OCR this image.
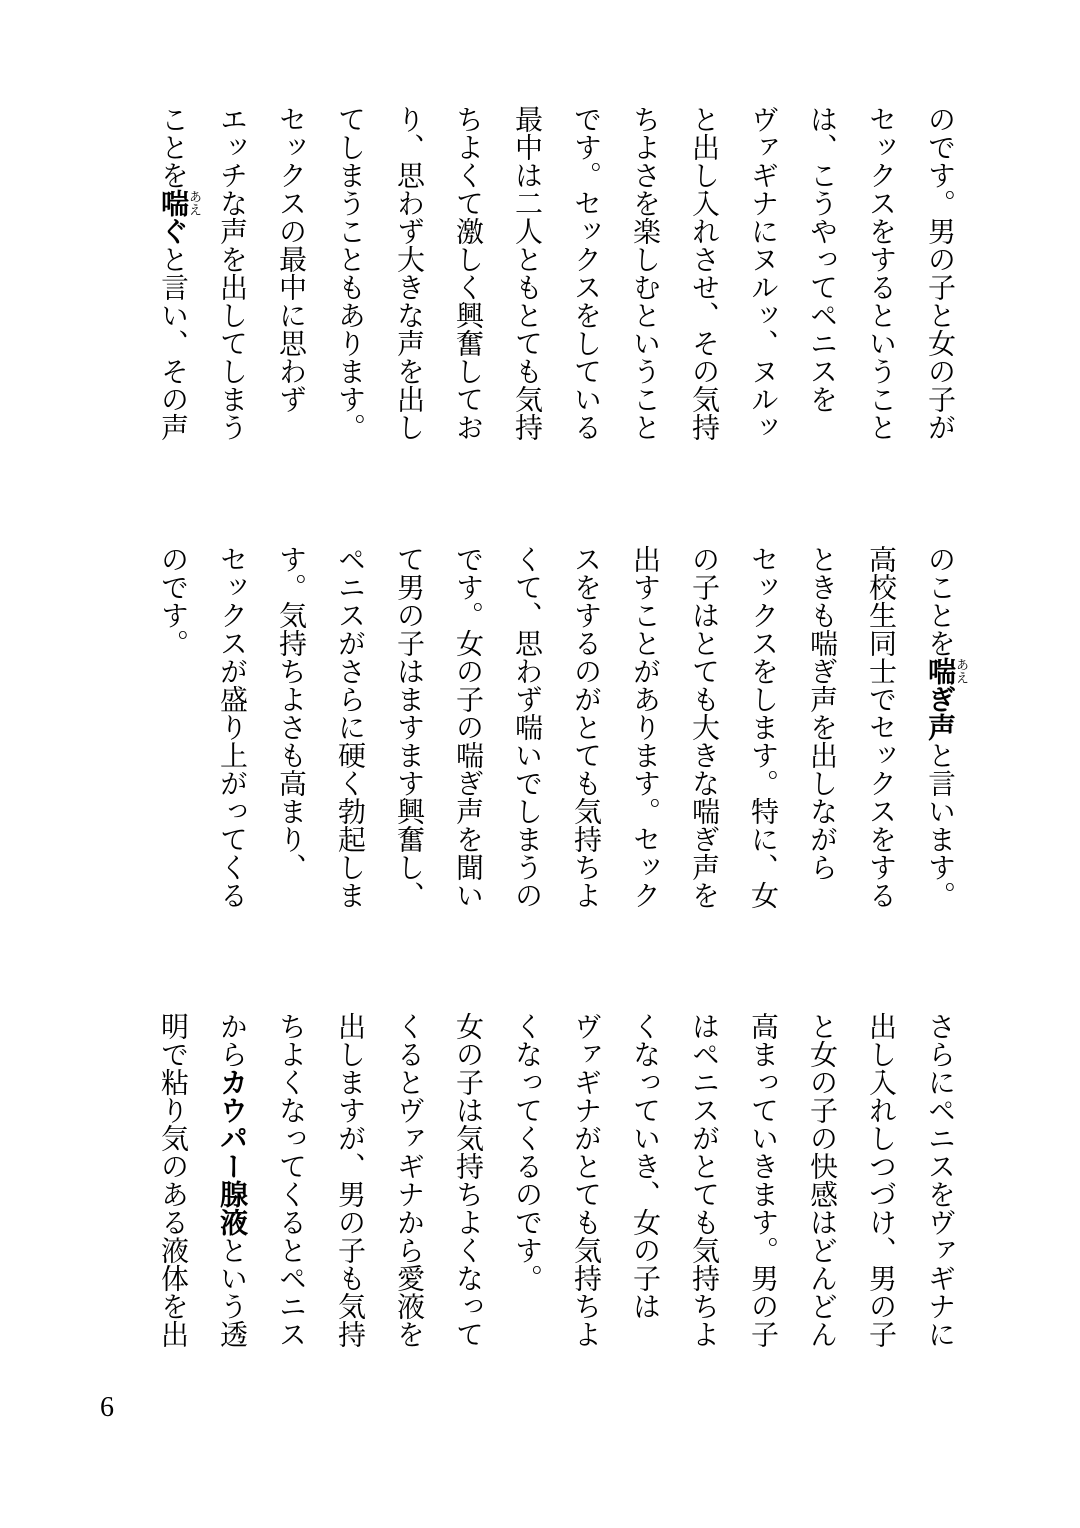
のです。男の子と女の子がセックスをするということは、こうやってペニスをヴァギナにヌルッ、ヌルッと出し入れさせ、その気持ちよさを楽しむということです。セックスをしている最中は二人ともとても気持ちよくて激しく興奮しており、思わず大きな声を出してしまうこともあります。セックスの最中に思わずエッチな声を出してしまうことを喘あえぐと言い、その声

のことを喘あえぎ声と言います。高校生同士でセックスをするときも喘ぎ声を出しながらセックスをします。特に、女の子はとても大きな喘ぎ声を出すことがあります。セックスをするのがとても気持ちよくて、思わず喘いでしまうのです。女の子の喘ぎ声を聞いて男の子はますます興奮し、ペニスがさらに硬く勃起します。気持ちよさも高まり、セックスが盛り上がってくるのです。

さらにペニスをヴァギナに出し入れしつづけ、男の子と女の子の快感はどんどん高まっていきます。男の子はペニスがとても気持ちよくなっていき、女の子はヴァギナがとても気持ちよくなってくるのです。

女の子は気持ちよくなってくるとヴァギナから愛液を出しますが、男の子も気持ちよくなってくるとペニスからカウパー腺液という透明で粘り気のある液体を出

6
